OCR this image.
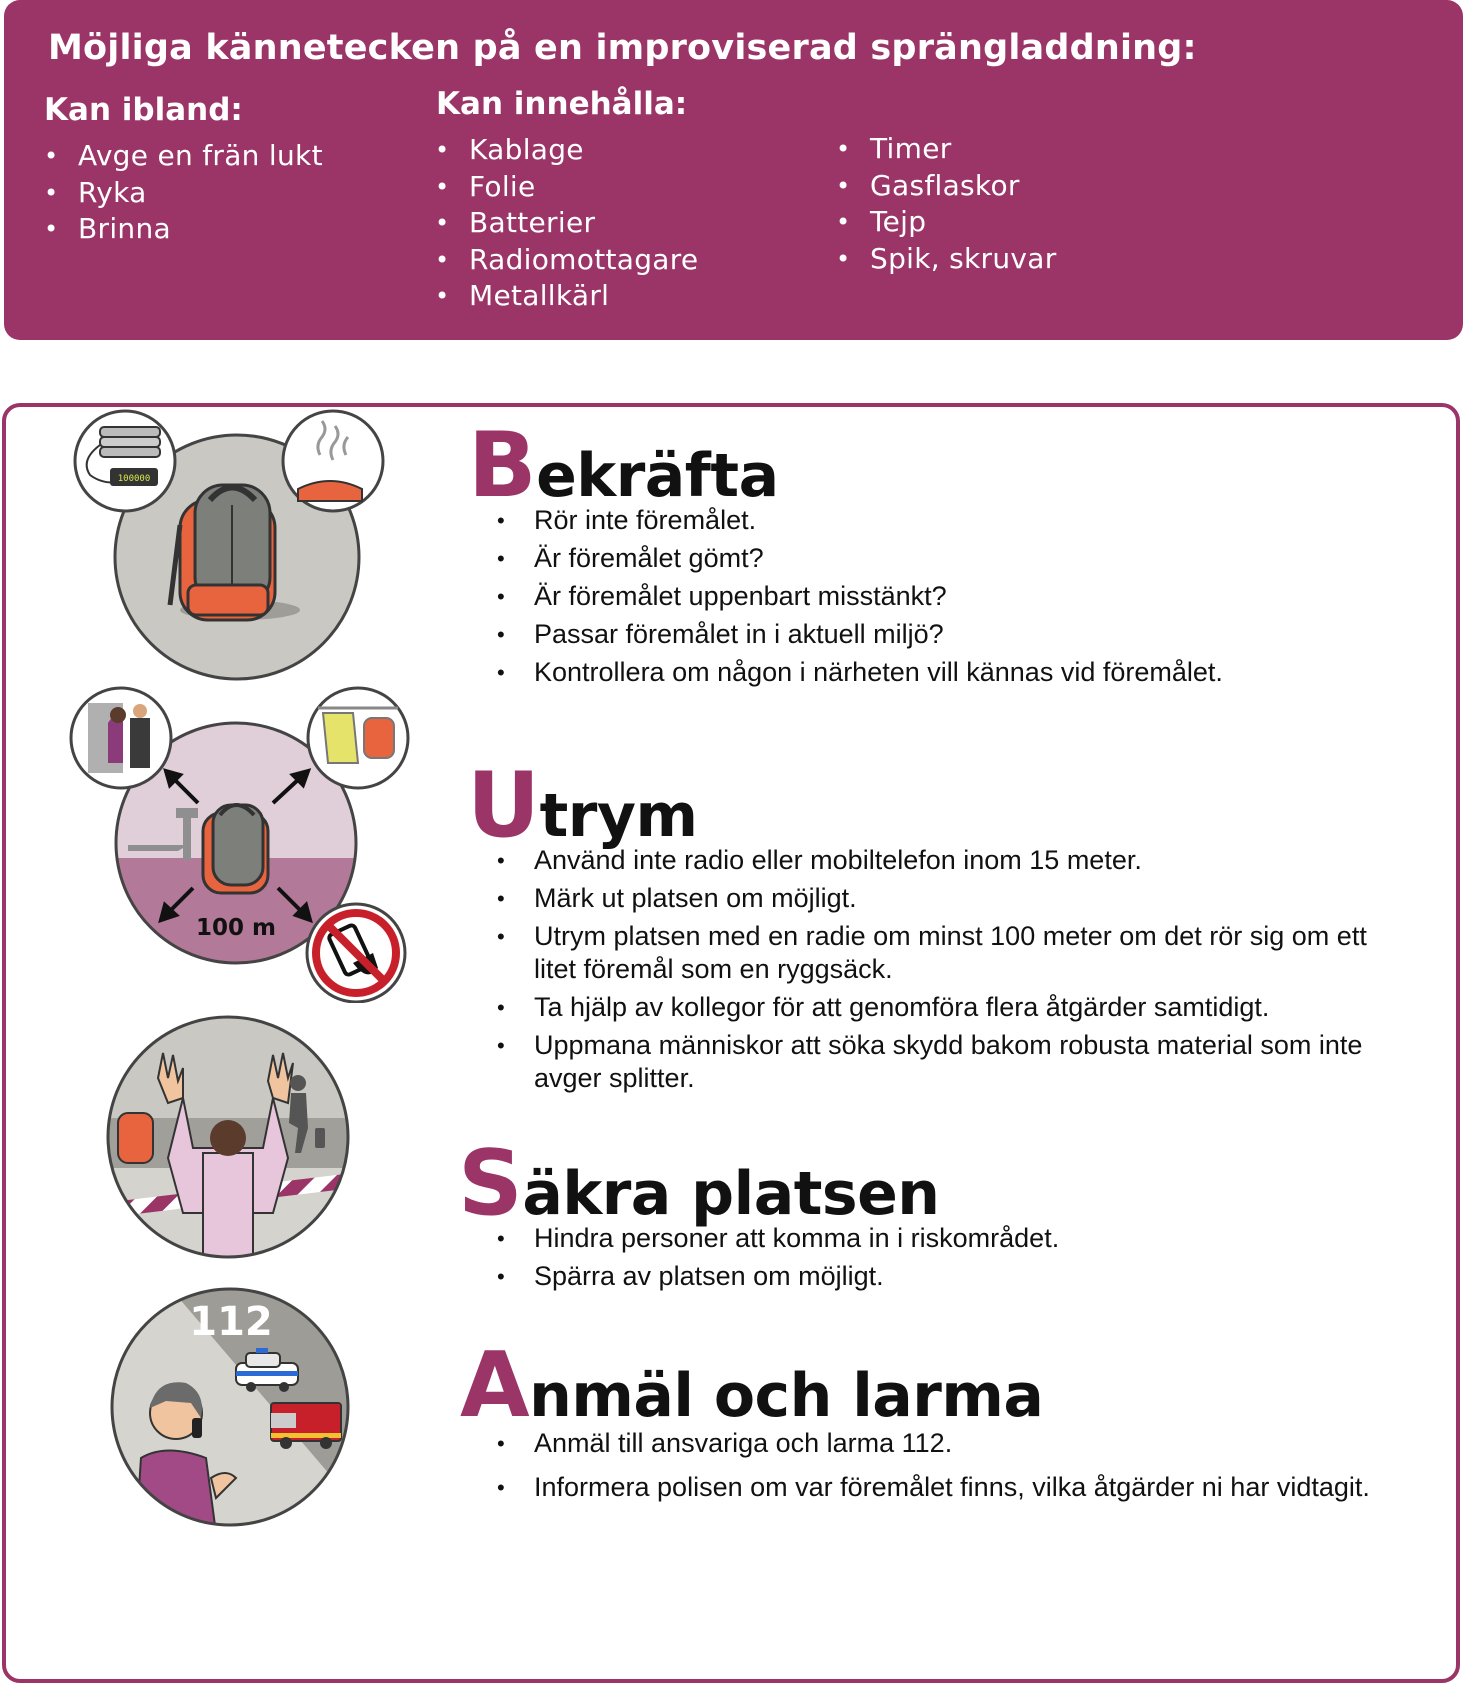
Möjliga kännetecken på en improviserad sprängladdning:
Kan ibland:
• Avge en frän lukt
• Ryka
• Brinna
Kan innehålla:
• Kablage
• Folie
• Batterier
• Radiomottagare
• Metallkärl
• Timer
• Gasflaskor
• Tejp
• Spik, skruvar
100000
100 m
112
Bekräfta
• Rör inte föremålet.
• Är föremålet gömt?
• Är föremålet uppenbart misstänkt?
• Passar föremålet in i aktuell miljö?
• Kontrollera om någon i närheten vill kännas vid föremålet.
Utrym
• Använd inte radio eller mobiltelefon inom 15 meter.
• Märk ut platsen om möjligt.
• Utrym platsen med en radie om minst 100 meter om det rör sig om ett litet föremål som en ryggsäck.
• Ta hjälp av kollegor för att genomföra flera åtgärder samtidigt.
• Uppmana människor att söka skydd bakom robusta material som inte avger splitter.
Säkra platsen
• Hindra personer att komma in i riskområdet.
• Spärra av platsen om möjligt.
Anmäl och larma
• Anmäl till ansvariga och larma 112.
• Informera polisen om var föremålet finns, vilka åtgärder ni har vidtagit.
